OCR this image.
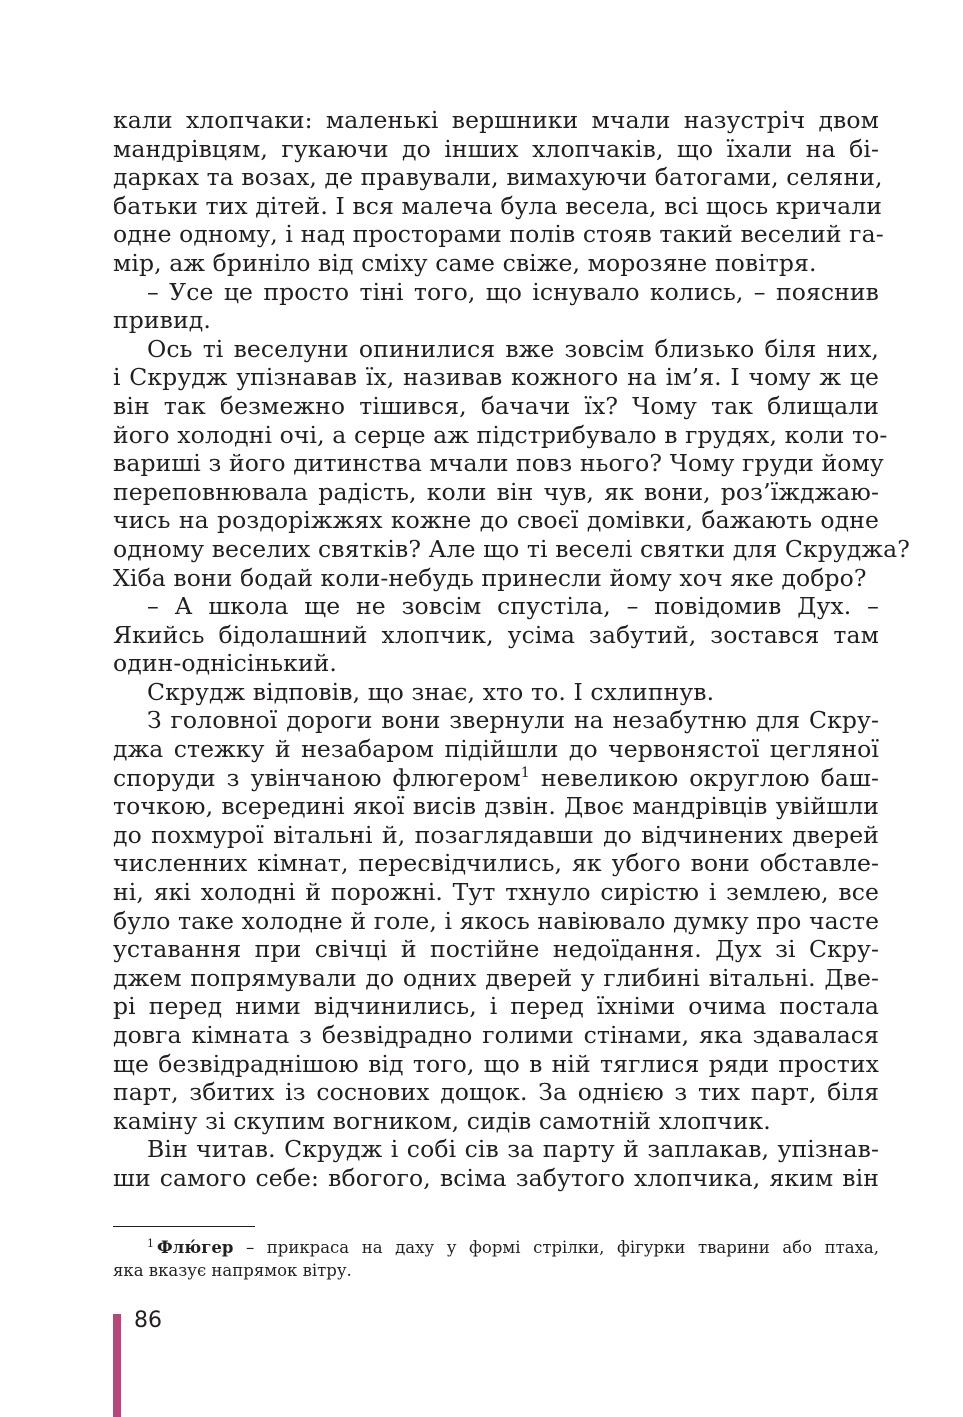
кали хлопчаки: маленькі вершники мчали назустріч двом
мандрівцям, гукаючи до інших хлопчаків, що їхали на бі-
дарках та возах, де правували, вимахуючи батогами, селяни,
батьки тих дітей. І вся малеча була весела, всі щось кричали
одне одному, і над просторами полів стояв такий веселий га-
мір, аж бриніло від сміху саме свіже, морозяне повітря.
– Усе це просто тіні того, що існувало колись, – пояснив
привид.
Ось ті веселуни опинилися вже зовсім близько біля них,
і Скрудж упізнавав їх, називав кожного на ім’я. І чому ж це
він так безмежно тішився, бачачи їх? Чому так блищали
його холодні очі, а серце аж підстрибувало в грудях, коли то-
вариші з його дитинства мчали повз нього? Чому груди йому
переповнювала радість, коли він чув, як вони, роз’їжджаю-
чись на роздоріжжях кожне до своєї домівки, бажають одне
одному веселих святків? Але що ті веселі святки для Скруджа?
Хіба вони бодай коли-небудь принесли йому хоч яке добро?
– А школа ще не зовсім спустіла, – повідомив Дух. –
Якийсь бідолашний хлопчик, усіма забутий, зостався там
один-однісінький.
Скрудж відповів, що знає, хто то. І схлипнув.
З головної дороги вони звернули на незабутню для Скру-
джа стежку й незабаром підійшли до червонястої цегляної
споруди з увінчаною флюгером$^1$ невеликою округлою баш-
точкою, всередині якої висів дзвін. Двоє мандрівців увійшли
до похмурої вітальні й, позаглядавши до відчинених дверей
численних кімнат, пересвідчились, як убого вони обставле-
ні, які холодні й порожні. Тут тхнуло сирістю і землею, все
було таке холодне й голе, і якось навіювало думку про часте
уставання при свічці й постійне недоїдання. Дух зі Скру-
джем попрямували до одних дверей у глибині вітальні. Две-
рі перед ними відчинились, і перед їхніми очима постала
довга кімната з безвідрадно голими стінами, яка здавалася
ще безвідраднішою від того, що в ній тяглися ряди простих
парт, збитих із соснових дощок. За однією з тих парт, біля
каміну зі скупим вогником, сидів самотній хлопчик.
Він читав. Скрудж і собі сів за парту й заплакав, упізнав-
ши самого себе: вбогого, всіма забутого хлопчика, яким він
$^1$ Флю́гер – прикраса на даху у формі стрілки, фігурки тварини або птаха,
яка вказує напрямок вітру.
86
